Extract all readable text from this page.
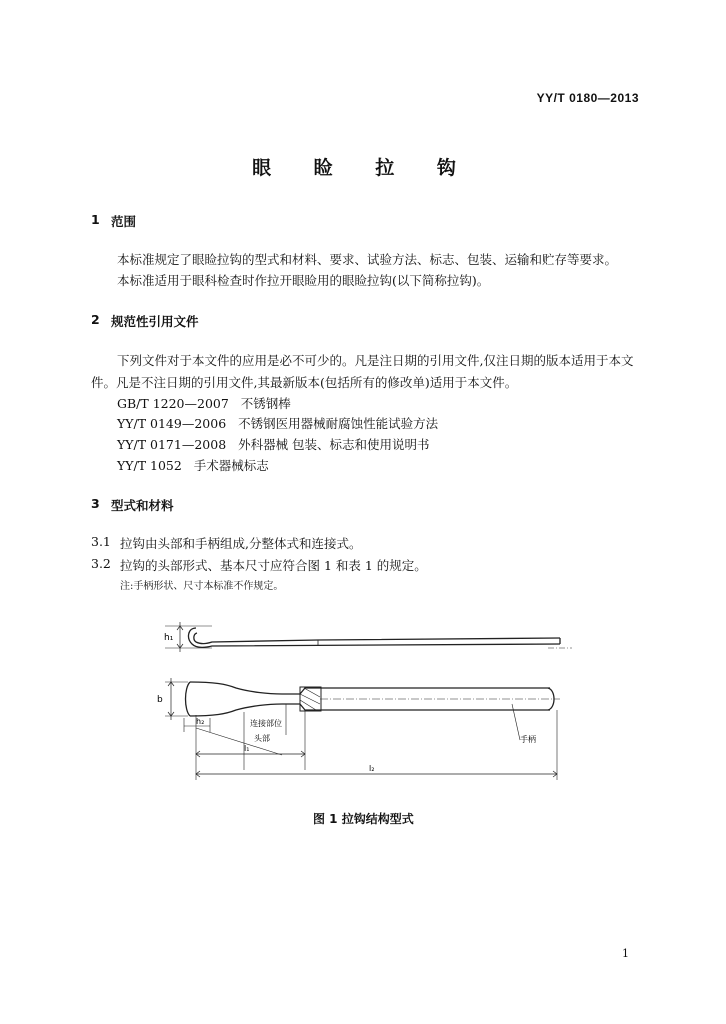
YY/T 0180—2013
眼 睑 拉 钩
1 范围
本标准规定了眼睑拉钩的型式和材料、要求、试验方法、标志、包装、运输和贮存等要求。
本标准适用于眼科检查时作拉开眼睑用的眼睑拉钩(以下简称拉钩)。
2 规范性引用文件
下列文件对于本文件的应用是必不可少的。凡是注日期的引用文件,仅注日期的版本适用于本文
件。凡是不注日期的引用文件,其最新版本(包括所有的修改单)适用于本文件。
GB/T 1220—2007 不锈钢棒
YY/T 0149—2006 不锈钢医用器械耐腐蚀性能试验方法
YY/T 0171—2008 外科器械 包装、标志和使用说明书
YY/T 1052 手术器械标志
3 型式和材料
3.1 拉钩由头部和手柄组成,分整体式和连接式。
3.2 拉钩的头部形式、基本尺寸应符合图 1 和表 1 的规定。
注:手柄形状、尺寸本标准不作规定。
h₁
b
h₂	连接部位
头部	手柄
l₁
l₂
图 1 拉钩结构型式
1
